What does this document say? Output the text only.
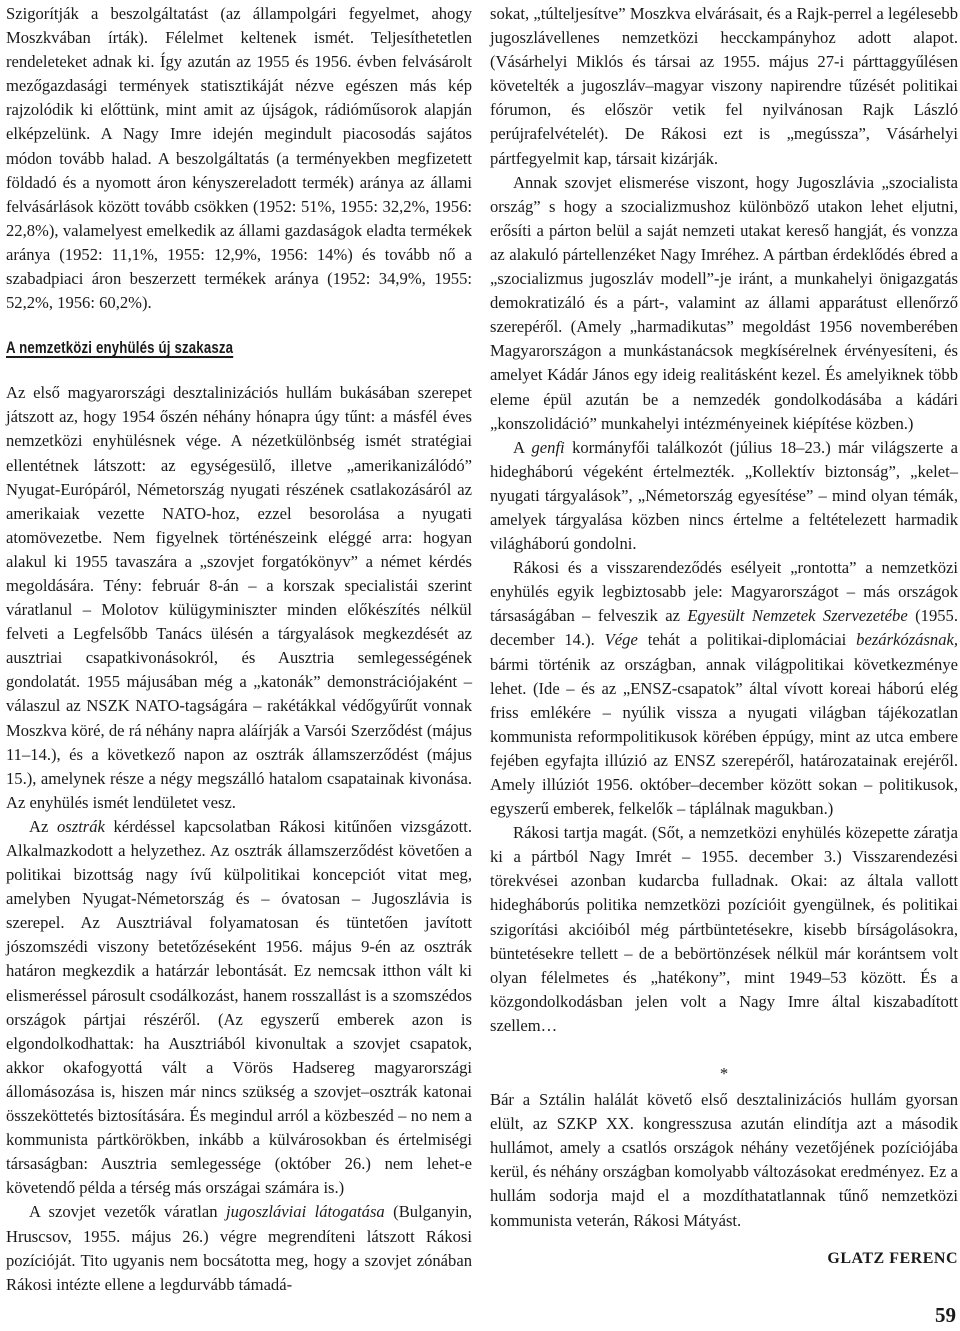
Szigorítják a beszolgáltatást (az állampolgári fegyelmet, ahogy Moszkvában írták). Félelmet keltenek ismét. Teljesíthetetlen rendeleteket adnak ki. Így azután az 1955 és 1956. évben felvásárolt mezőgazdasági termények statisztikáját nézve egészen más kép rajzolódik ki előttünk, mint amit az újságok, rádióműsorok alapján elképzelünk. A Nagy Imre idején megindult piacosodás sajátos módon tovább halad. A beszolgáltatás (a terményekben megfizetett földadó és a nyomott áron kényszereladott termék) aránya az állami felvásárlások között tovább csökken (1952: 51%, 1955: 32,2%, 1956: 22,8%), valamelyest emelkedik az állami gazdaságok eladta termékek aránya (1952: 11,1%, 1955: 12,9%, 1956: 14%) és tovább nő a szabadpiaci áron beszerzett termékek aránya (1952: 34,9%, 1955: 52,2%, 1956: 60,2%).

A nemzetközi enyhülés új szakasza

Az első magyarországi desztalinizációs hullám bukásában szerepet játszott az, hogy 1954 őszén néhány hónapra úgy tűnt: a másfél éves nemzetközi enyhülésnek vége. A nézetkülönbség ismét stratégiai ellentétnek látszott: az egységesülő, illetve „amerikanizálódó” Nyugat-Európáról, Németország nyugati részének csatlakozásáról az amerikaiak vezette NATO-hoz, ezzel besorolása a nyugati atomövezetbe. Nem figyelnek történészeink eléggé arra: hogyan alakul ki 1955 tavaszára a „szovjet forgatókönyv” a német kérdés megoldására. Tény: február 8-án – a korszak specialistái szerint váratlanul – Molotov külügyminiszter minden előkészítés nélkül felveti a Legfelsőbb Tanács ülésén a tárgyalások megkezdését az ausztriai csapatkivonásokról, és Ausztria semlegességének gondolatát. 1955 májusában még a „katonák” demonstrációjaként – válaszul az NSZK NATO-tagságára – rakétákkal védőgyűrűt vonnak Moszkva köré, de rá néhány napra aláírják a Varsói Szerződést (május 11–14.), és a következő napon az osztrák államszerződést (május 15.), amelynek része a négy megszálló hatalom csapatainak kivonása. Az enyhülés ismét lendületet vesz.

Az osztrák kérdéssel kapcsolatban Rákosi kitűnően vizsgázott. Alkalmazkodott a helyzethez. Az osztrák államszerződést követően a politikai bizottság nagy ívű külpolitikai koncepciót vitat meg, amelyben Nyugat-Németország és – óvatosan – Jugoszlávia is szerepel. Az Ausztriával folyamatosan és tüntetően javított jószomszédi viszony betetőzéseként 1956. május 9-én az osztrák határon megkezdik a határzár lebontását. Ez nemcsak itthon vált ki elismeréssel párosult csodálkozást, hanem rosszallást is a szomszédos országok pártjai részéről. (Az egyszerű emberek azon is elgondolkodhattak: ha Ausztriából kivonultak a szovjet csapatok, akkor okafogyottá vált a Vörös Hadsereg magyarországi állomásozása is, hiszen már nincs szükség a szovjet–osztrák katonai összeköttetés biztosítására. És megindul arról a közbeszéd – no nem a kommunista pártkörökben, inkább a külvárosokban és értelmiségi társaságban: Ausztria semlegessége (október 26.) nem lehet-e követendő példa a térség más országai számára is.)

A szovjet vezetők váratlan jugoszláviai látogatása (Bulganyin, Hruscsov, 1955. május 26.) végre megrendíteni látszott Rákosi pozícióját. Tito ugyanis nem bocsátotta meg, hogy a szovjet zónában Rákosi intézte ellene a legdurvább támadá-

sokat, „túlteljesítve” Moszkva elvárásait, és a Rajk-perrel a legélesebb jugoszlávellenes nemzetközi hecckampányhoz adott alapot. (Vásárhelyi Miklós és társai az 1955. május 27-i párttaggyűlésen követelték a jugoszláv–magyar viszony napirendre tűzését politikai fórumon, és először vetik fel nyilvánosan Rajk László perújrafelvételét). De Rákosi ezt is „megússza”, Vásárhelyi pártfegyelmit kap, társait kizárják.

Annak szovjet elismerése viszont, hogy Jugoszlávia „szocialista ország” s hogy a szocializmushoz különböző utakon lehet eljutni, erősíti a párton belül a saját nemzeti utakat kereső hangját, és vonzza az alakuló pártellenzéket Nagy Imréhez. A pártban érdeklődés ébred a „szocializmus jugoszláv modell”-je iránt, a munkahelyi önigazgatás demokratizáló és a párt-, valamint az állami apparátust ellenőrző szerepéről. (Amely „harmadikutas” megoldást 1956 novemberében Magyarországon a munkástanácsok megkísérelnek érvényesíteni, és amelyet Kádár János egy ideig realitásként kezel. És amelyiknek több eleme épül azután be a nemzedék gondolkodásába a kádári „konszolidáció” munkahelyi intézményeinek kiépítése közben.)

A genfi kormányfői találkozót (július 18–23.) már világszerte a hidegháború végeként értelmezték. „Kollektív biztonság”, „kelet–nyugati tárgyalások”, „Németország egyesítése” – mind olyan témák, amelyek tárgyalása közben nincs értelme a feltételezett harmadik világháború gondolni.

Rákosi és a visszarendeződés esélyeit „rontotta” a nemzetközi enyhülés egyik legbiztosabb jele: Magyarországot – más országok társaságában – felveszik az Egyesült Nemzetek Szervezetébe (1955. december 14.). Vége tehát a politikai-diplomáciai bezárkózásnak, bármi történik az országban, annak világpolitikai következménye lehet. (Ide – és az „ENSZ-csapatok” által vívott koreai háború elég friss emlékére – nyúlik vissza a nyugati világban tájékozatlan kommunista reformpolitikusok körében éppúgy, mint az utca embere fejében egyfajta illúzió az ENSZ szerepéről, határozatainak erejéről. Amely illúziót 1956. október–december között sokan – politikusok, egyszerű emberek, felkelők – táplálnak magukban.)

Rákosi tartja magát. (Sőt, a nemzetközi enyhülés közepette záratja ki a pártból Nagy Imrét – 1955. december 3.) Visszarendezési törekvései azonban kudarcba fulladnak. Okai: az általa vallott hidegháborús politika nemzetközi pozícióit gyengülnek, és politikai szigorítási akcióiból még pártbüntetésekre, kisebb bírságolásokra, büntetésekre tellett – de a bebörtönzések nélkül már korántsem volt olyan félelmetes és „hatékony”, mint 1949–53 között. És a közgondolkodásban jelen volt a Nagy Imre által kiszabadított szellem…

*

Bár a Sztálin halálát követő első desztalinizációs hullám gyorsan elült, az SZKP XX. kongresszusa azután elindítja azt a második hullámot, amely a csatlós országok néhány vezetőjének pozíciójába kerül, és néhány országban komolyabb változásokat eredményez. Ez a hullám sodorja majd el a mozdíthatatlannak tűnő nemzetközi kommunista veterán, Rákosi Mátyást.

GLATZ FERENC
59
